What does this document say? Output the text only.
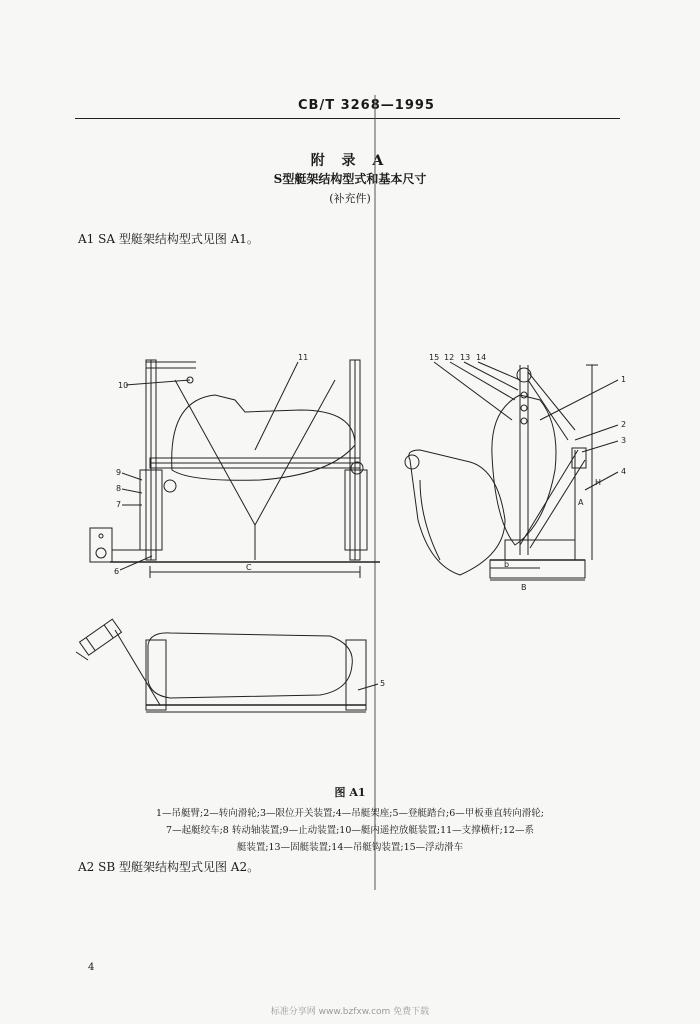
CB/T 3268—1995
附 录 A
S型艇架结构型式和基本尺寸
(补充件)
A1 SA 型艇架结构型式见图 A1。
11
10
9
8
7
6	C
5
15 12 13 14
1
2
3
4
H
A
b
B
图 A1
1—吊艇臂;2—转向滑轮;3—限位开关装置;4—吊艇架座;5—登艇踏台;6—甲板垂直转向滑轮;
7—起艇绞车;8 转动轴装置;9—止动装置;10—艇内遥控放艇装置;11—支撑横杆;12—系
艇装置;13—固艇装置;14—吊艇钩装置;15—浮动滑车
A2 SB 型艇架结构型式见图 A2。
4
标准分享网 www.bzfxw.com 免费下载
